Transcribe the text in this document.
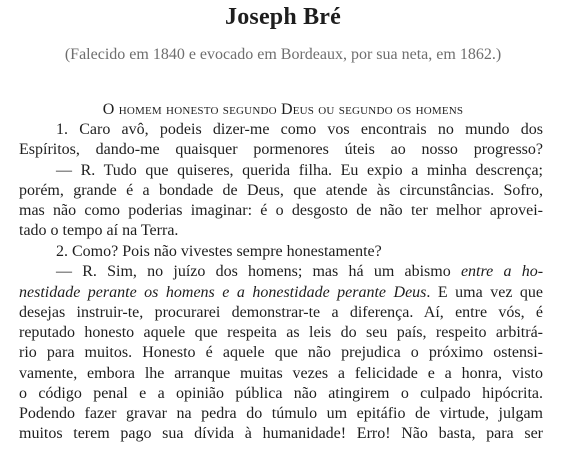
Joseph Bré
(Falecido em 1840 e evocado em Bordeaux, por sua neta, em 1862.)
O homem honesto segundo Deus ou segundo os homens
1. Caro avô, podeis dizer-me como vos encontrais no mundo dos
Espíritos, dando-me quaisquer pormenores úteis ao nosso progresso?
— R. Tudo que quiseres, querida filha. Eu expio a minha descrença;
porém, grande é a bondade de Deus, que atende às circunstâncias. Sofro,
mas não como poderias imaginar: é o desgosto de não ter melhor aprovei-
tado o tempo aí na Terra.
2. Como? Pois não vivestes sempre honestamente?
— R. Sim, no juízo dos homens; mas há um abismo entre a ho-
nestidade perante os homens e a honestidade perante Deus. E uma vez que
desejas instruir-te, procurarei demonstrar-te a diferença. Aí, entre vós, é
reputado honesto aquele que respeita as leis do seu país, respeito arbitrá-
rio para muitos. Honesto é aquele que não prejudica o próximo ostensi-
vamente, embora lhe arranque muitas vezes a felicidade e a honra, visto
o código penal e a opinião pública não atingirem o culpado hipócrita.
Podendo fazer gravar na pedra do túmulo um epitáfio de virtude, julgam
muitos terem pago sua dívida à humanidade! Erro! Não basta, para ser
